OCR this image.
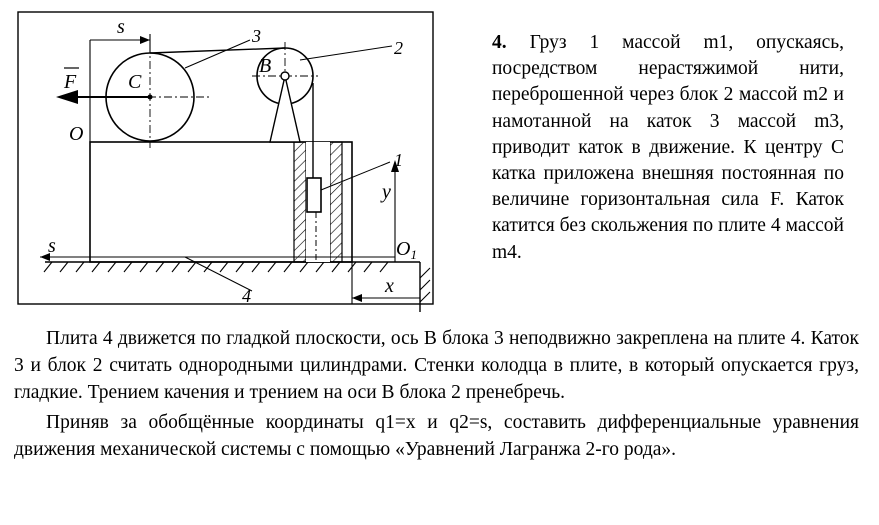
s
F	C
O
B
3
2
1
4
y
$O_1$
s
x
4. Груз 1 массой m1, опускаясь, посредством нерастяжимой нити, переброшенной через блок 2 массой m2 и намотанной на каток 3 массой m3, приводит каток в движение. К центру C катка приложена внешняя постоянная по величине горизонтальная сила F. Каток катится без скольжения по плите 4 массой m4.

Плита 4 движется по гладкой плоскости, ось B блока 3 неподвижно закреплена на плите 4. Каток 3 и блок 2 считать однородными цилиндрами. Стенки колодца в плите, в который опускается груз, гладкие. Трением качения и трением на оси B блока 2 пренебречь.

Приняв за обобщённые координаты q1=x и q2=s, составить дифференциальные уравнения движения механической системы с помощью «Уравнений Лагранжа 2-го рода».
